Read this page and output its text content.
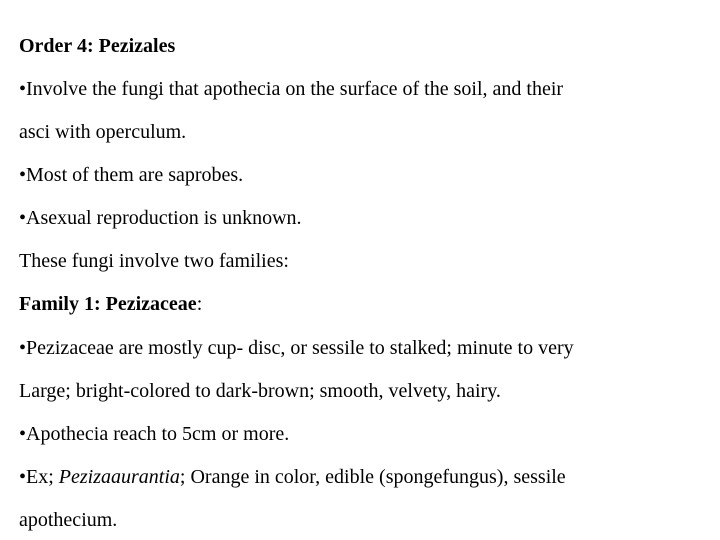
Order 4: Pezizales
•Involve the fungi that apothecia on the surface of the soil, and their
asci with operculum.
•Most of them are saprobes.
•Asexual reproduction is unknown.
These fungi involve two families:
Family 1: Pezizaceae:
•Pezizaceae are mostly cup- disc, or sessile to stalked; minute to very
Large; bright-colored to dark-brown; smooth, velvety, hairy.
•Apothecia reach to 5cm or more.
•Ex; Pezizaaurantia; Orange in color, edible (spongefungus), sessile
apothecium.
